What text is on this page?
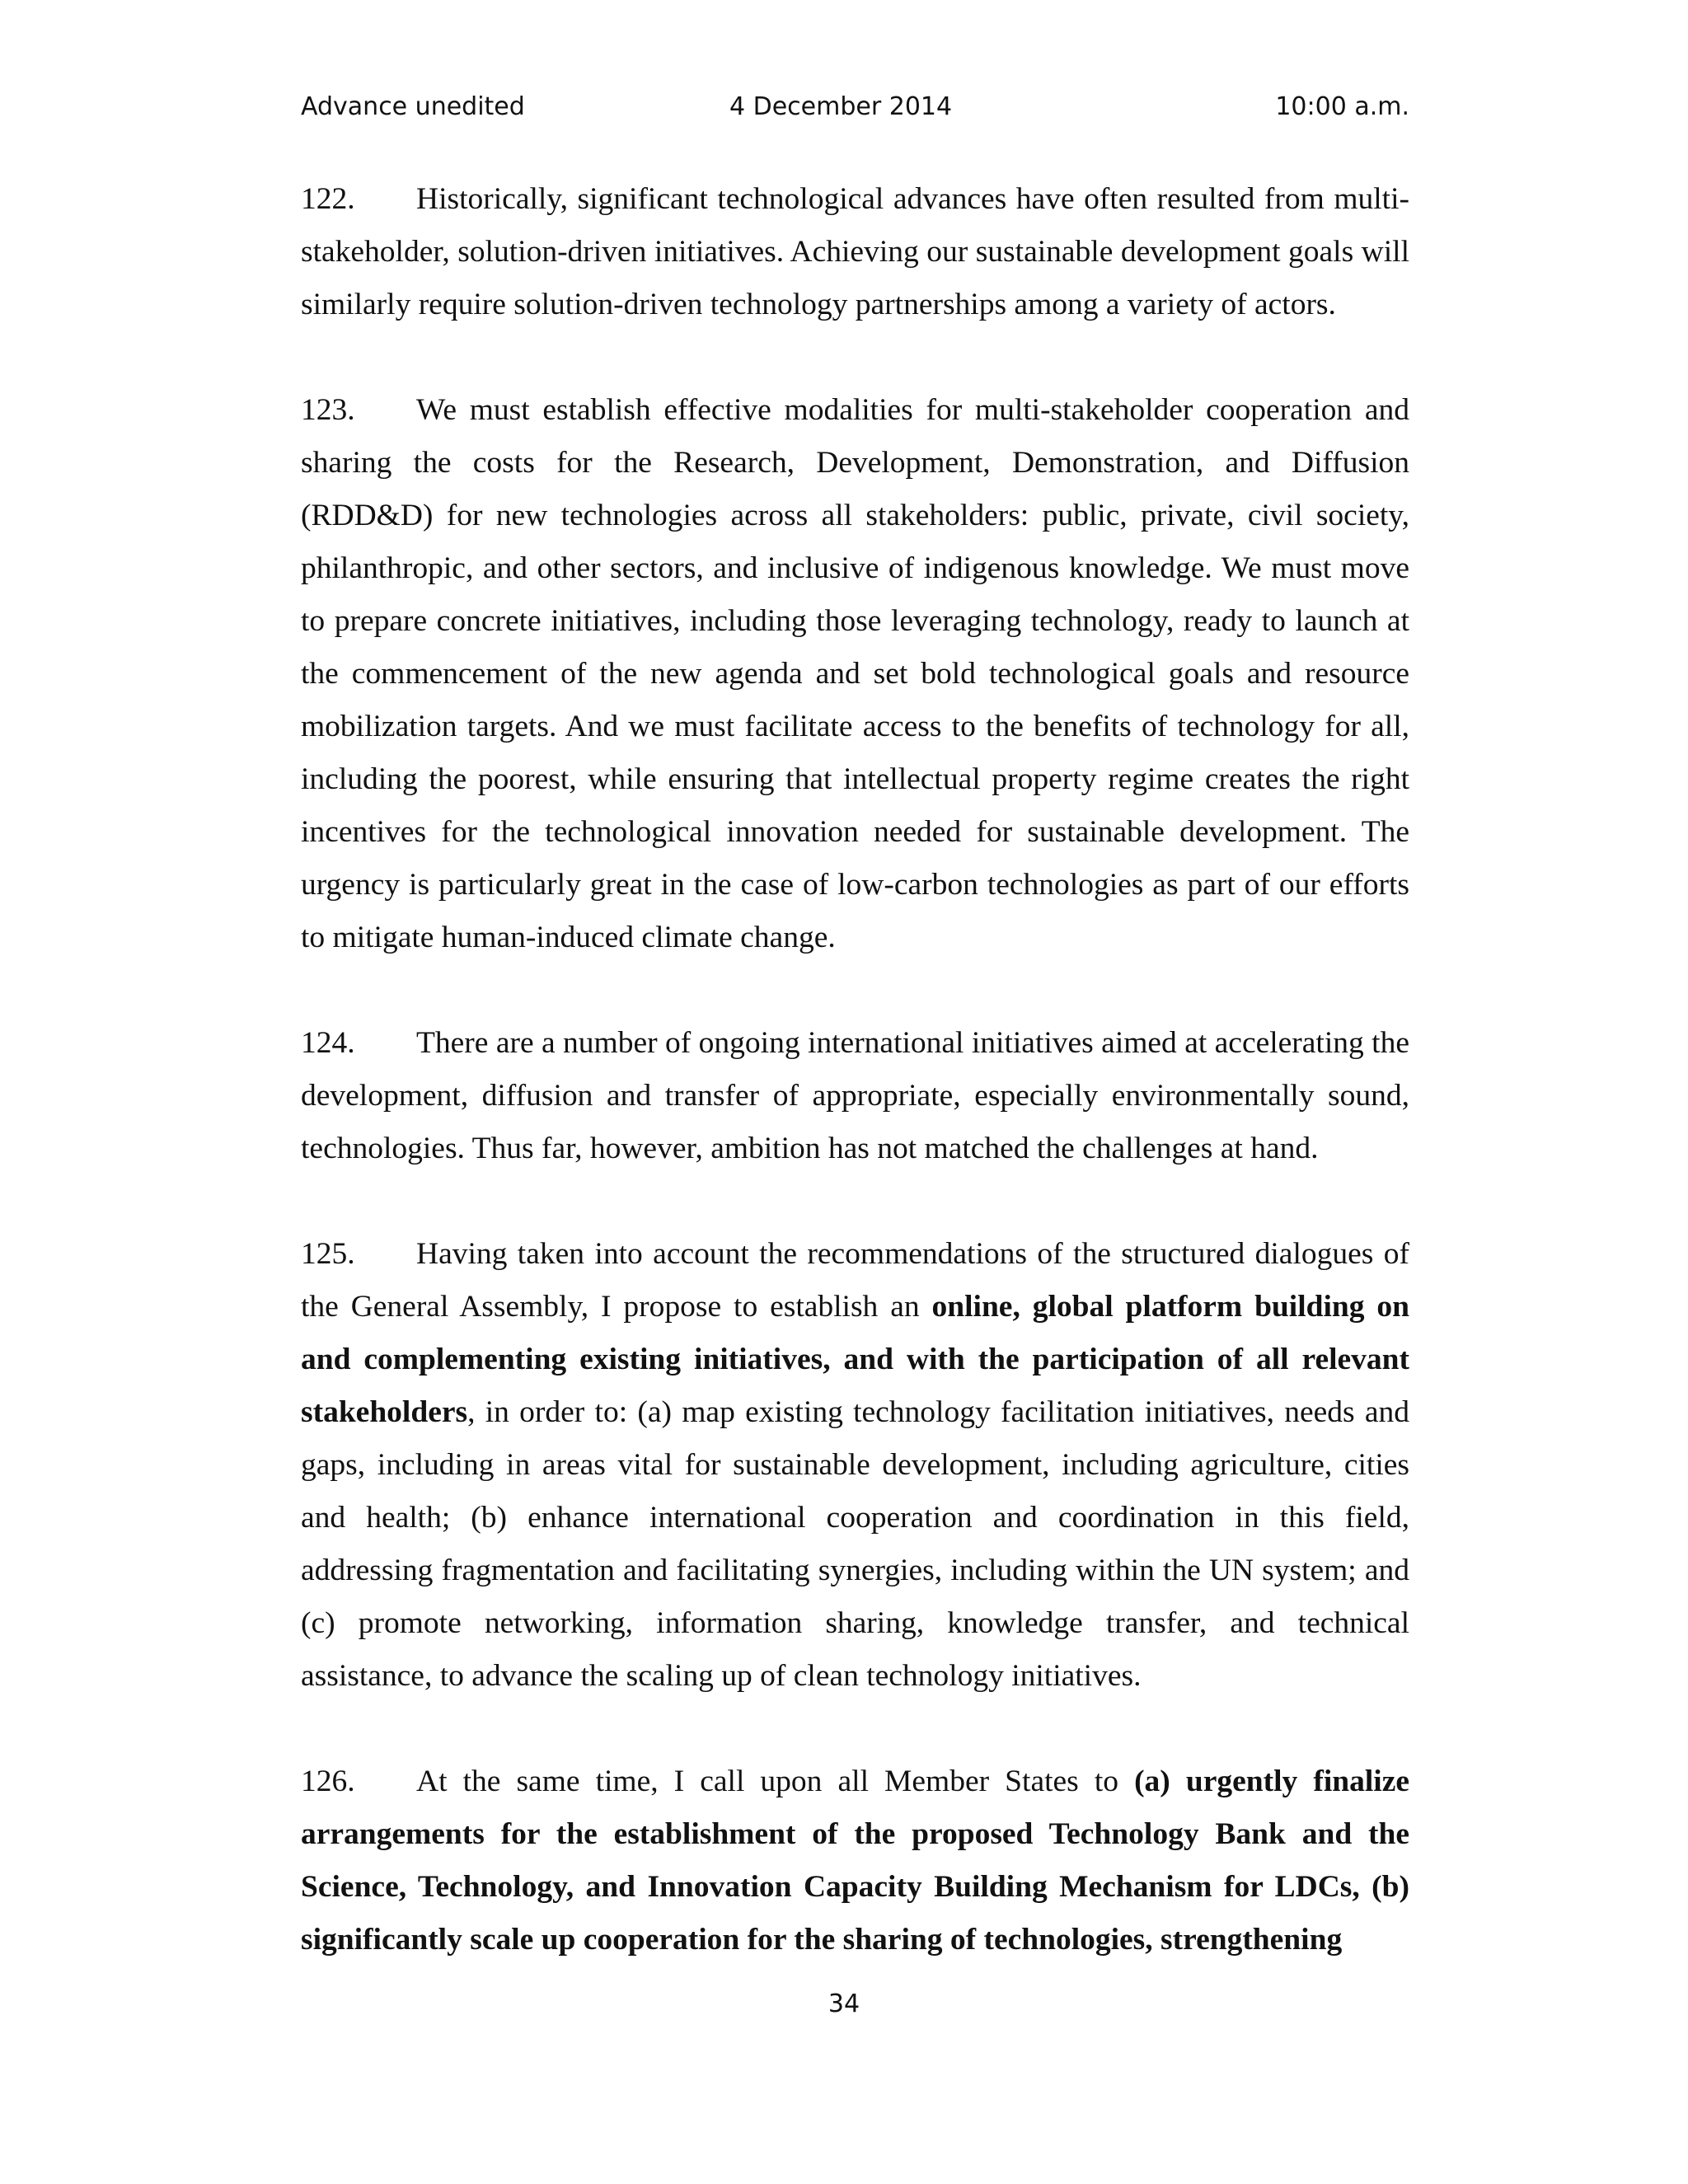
Advance unedited	4 December 2014	10:00 a.m.

122. Historically, significant technological advances have often resulted from multi-stakeholder, solution-driven initiatives. Achieving our sustainable development goals will similarly require solution-driven technology partnerships among a variety of actors.

123. We must establish effective modalities for multi-stakeholder cooperation and sharing the costs for the Research, Development, Demonstration, and Diffusion (RDD&D) for new technologies across all stakeholders: public, private, civil society, philanthropic, and other sectors, and inclusive of indigenous knowledge. We must move to prepare concrete initiatives, including those leveraging technology, ready to launch at the commencement of the new agenda and set bold technological goals and resource mobilization targets. And we must facilitate access to the benefits of technology for all, including the poorest, while ensuring that intellectual property regime creates the right incentives for the technological innovation needed for sustainable development. The urgency is particularly great in the case of low-carbon technologies as part of our efforts to mitigate human-induced climate change.

124. There are a number of ongoing international initiatives aimed at accelerating the development, diffusion and transfer of appropriate, especially environmentally sound, technologies. Thus far, however, ambition has not matched the challenges at hand.

125. Having taken into account the recommendations of the structured dialogues of the General Assembly, I propose to establish an online, global platform building on and complementing existing initiatives, and with the participation of all relevant stakeholders, in order to: (a) map existing technology facilitation initiatives, needs and gaps, including in areas vital for sustainable development, including agriculture, cities and health; (b) enhance international cooperation and coordination in this field, addressing fragmentation and facilitating synergies, including within the UN system; and (c) promote networking, information sharing, knowledge transfer, and technical assistance, to advance the scaling up of clean technology initiatives.

126. At the same time, I call upon all Member States to (a) urgently finalize arrangements for the establishment of the proposed Technology Bank and the Science, Technology, and Innovation Capacity Building Mechanism for LDCs, (b) significantly scale up cooperation for the sharing of technologies, strengthening

34
